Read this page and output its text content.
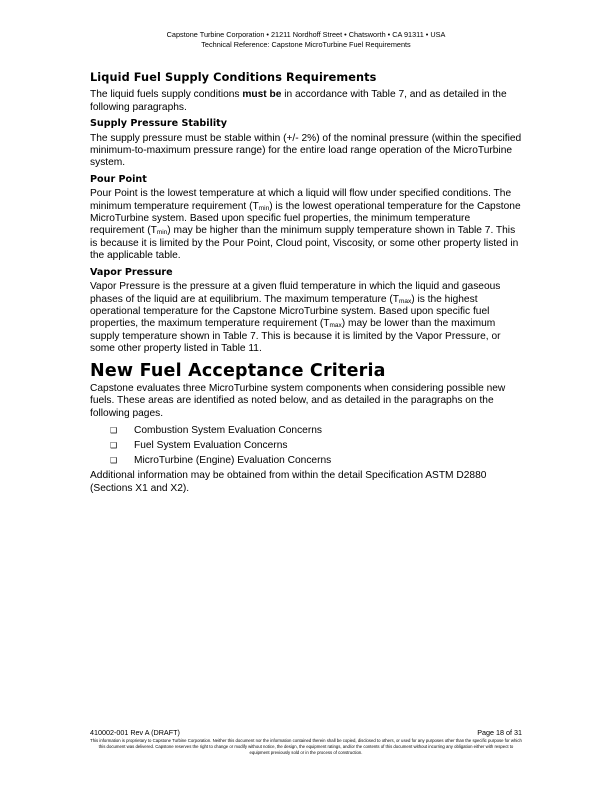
Capstone Turbine Corporation • 21211 Nordhoff Street • Chatsworth • CA 91311 • USA
Technical Reference: Capstone MicroTurbine Fuel Requirements
Liquid Fuel Supply Conditions Requirements

The liquid fuels supply conditions must be in accordance with Table 7, and as detailed in the following paragraphs.

Supply Pressure Stability

The supply pressure must be stable within (+/- 2%) of the nominal pressure (within the specified minimum-to-maximum pressure range) for the entire load range operation of the MicroTurbine system.

Pour Point

Pour Point is the lowest temperature at which a liquid will flow under specified conditions. The minimum temperature requirement $(T_{min})$ is the lowest operational temperature for the Capstone MicroTurbine system. Based upon specific fuel properties, the minimum temperature requirement $(T_{min})$ may be higher than the minimum supply temperature shown in Table 7. This is because it is limited by the Pour Point, Cloud point, Viscosity, or some other property listed in the applicable table.

Vapor Pressure

Vapor Pressure is the pressure at a given fluid temperature in which the liquid and gaseous phases of the liquid are at equilibrium. The maximum temperature $(T_{max})$ is the highest operational temperature for the Capstone MicroTurbine system. Based upon specific fuel properties, the maximum temperature requirement $(T_{max})$ may be lower than the maximum supply temperature shown in Table 7. This is because it is limited by the Vapor Pressure, or some other property listed in Table 11.

New Fuel Acceptance Criteria

Capstone evaluates three MicroTurbine system components when considering possible new fuels. These areas are identified as noted below, and as detailed in the paragraphs on the following pages.

❑ Combustion System Evaluation Concerns
❑ Fuel System Evaluation Concerns
❑ MicroTurbine (Engine) Evaluation Concerns

Additional information may be obtained from within the detail Specification ASTM D2880 (Sections X1 and X2).

410002-001 Rev A (DRAFT)	Page 18 of 31
This information is proprietary to Capstone Turbine Corporation. Neither this document nor the information contained therein shall be copied, disclosed to others, or used for any purposes other than the specific purpose for which this document was delivered. Capstone reserves the right to change or modify without notice, the design, the equipment ratings, and/or the contents of this document without incurring any obligation either with respect to equipment previously sold or in the process of construction.
